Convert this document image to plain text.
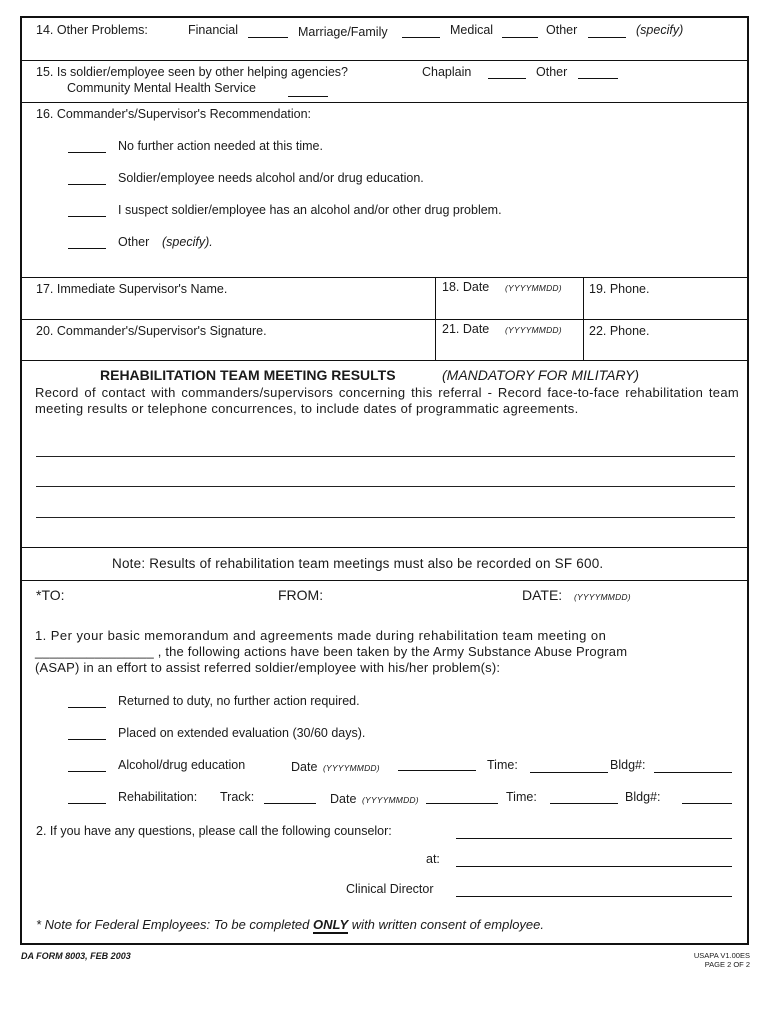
14. Other Problems:	Financial	Marriage/Family	Medical	Other	(specify)
15. Is soldier/employee seen by other helping agencies?	Chaplain	Other
Community Mental Health Service
16. Commander's/Supervisor's Recommendation:
No further action needed at this time.
Soldier/employee needs alcohol and/or drug education.
I suspect soldier/employee has an alcohol and/or other drug problem.
Other (specify).
17. Immediate Supervisor's Name.	18. Date (YYYYMMDD) 19. Phone.
20. Commander's/Supervisor's Signature.	21. Date (YYYYMMDD) 22. Phone.
REHABILITATION TEAM MEETING RESULTS	(MANDATORY FOR MILITARY)
Record of contact with commanders/supervisors concerning this referral - Record face-to-face rehabilitation team meeting results or telephone concurrences, to include dates of programmatic agreements.
Note: Results of rehabilitation team meetings must also be recorded on SF 600.
*TO:	FROM:	DATE: (YYYYMMDD)
1. Per your basic memorandum and agreements made during rehabilitation team meeting on
________________ , the following actions have been taken by the Army Substance Abuse Program
(ASAP) in an effort to assist referred soldier/employee with his/her problem(s):
Returned to duty, no further action required.
Placed on extended evaluation (30/60 days).
Alcohol/drug education	Date (YYYYMMDD)	Time:	Bldg#:
Rehabilitation: Track:	Date (YYYYMMDD)	Time:	Bldg#:
2. If you have any questions, please call the following counselor:
at:
Clinical Director
* Note for Federal Employees: To be completed ONLY with written consent of employee.
DA FORM 8003, FEB 2003	USAPA V1.00ES
PAGE 2 OF 2
